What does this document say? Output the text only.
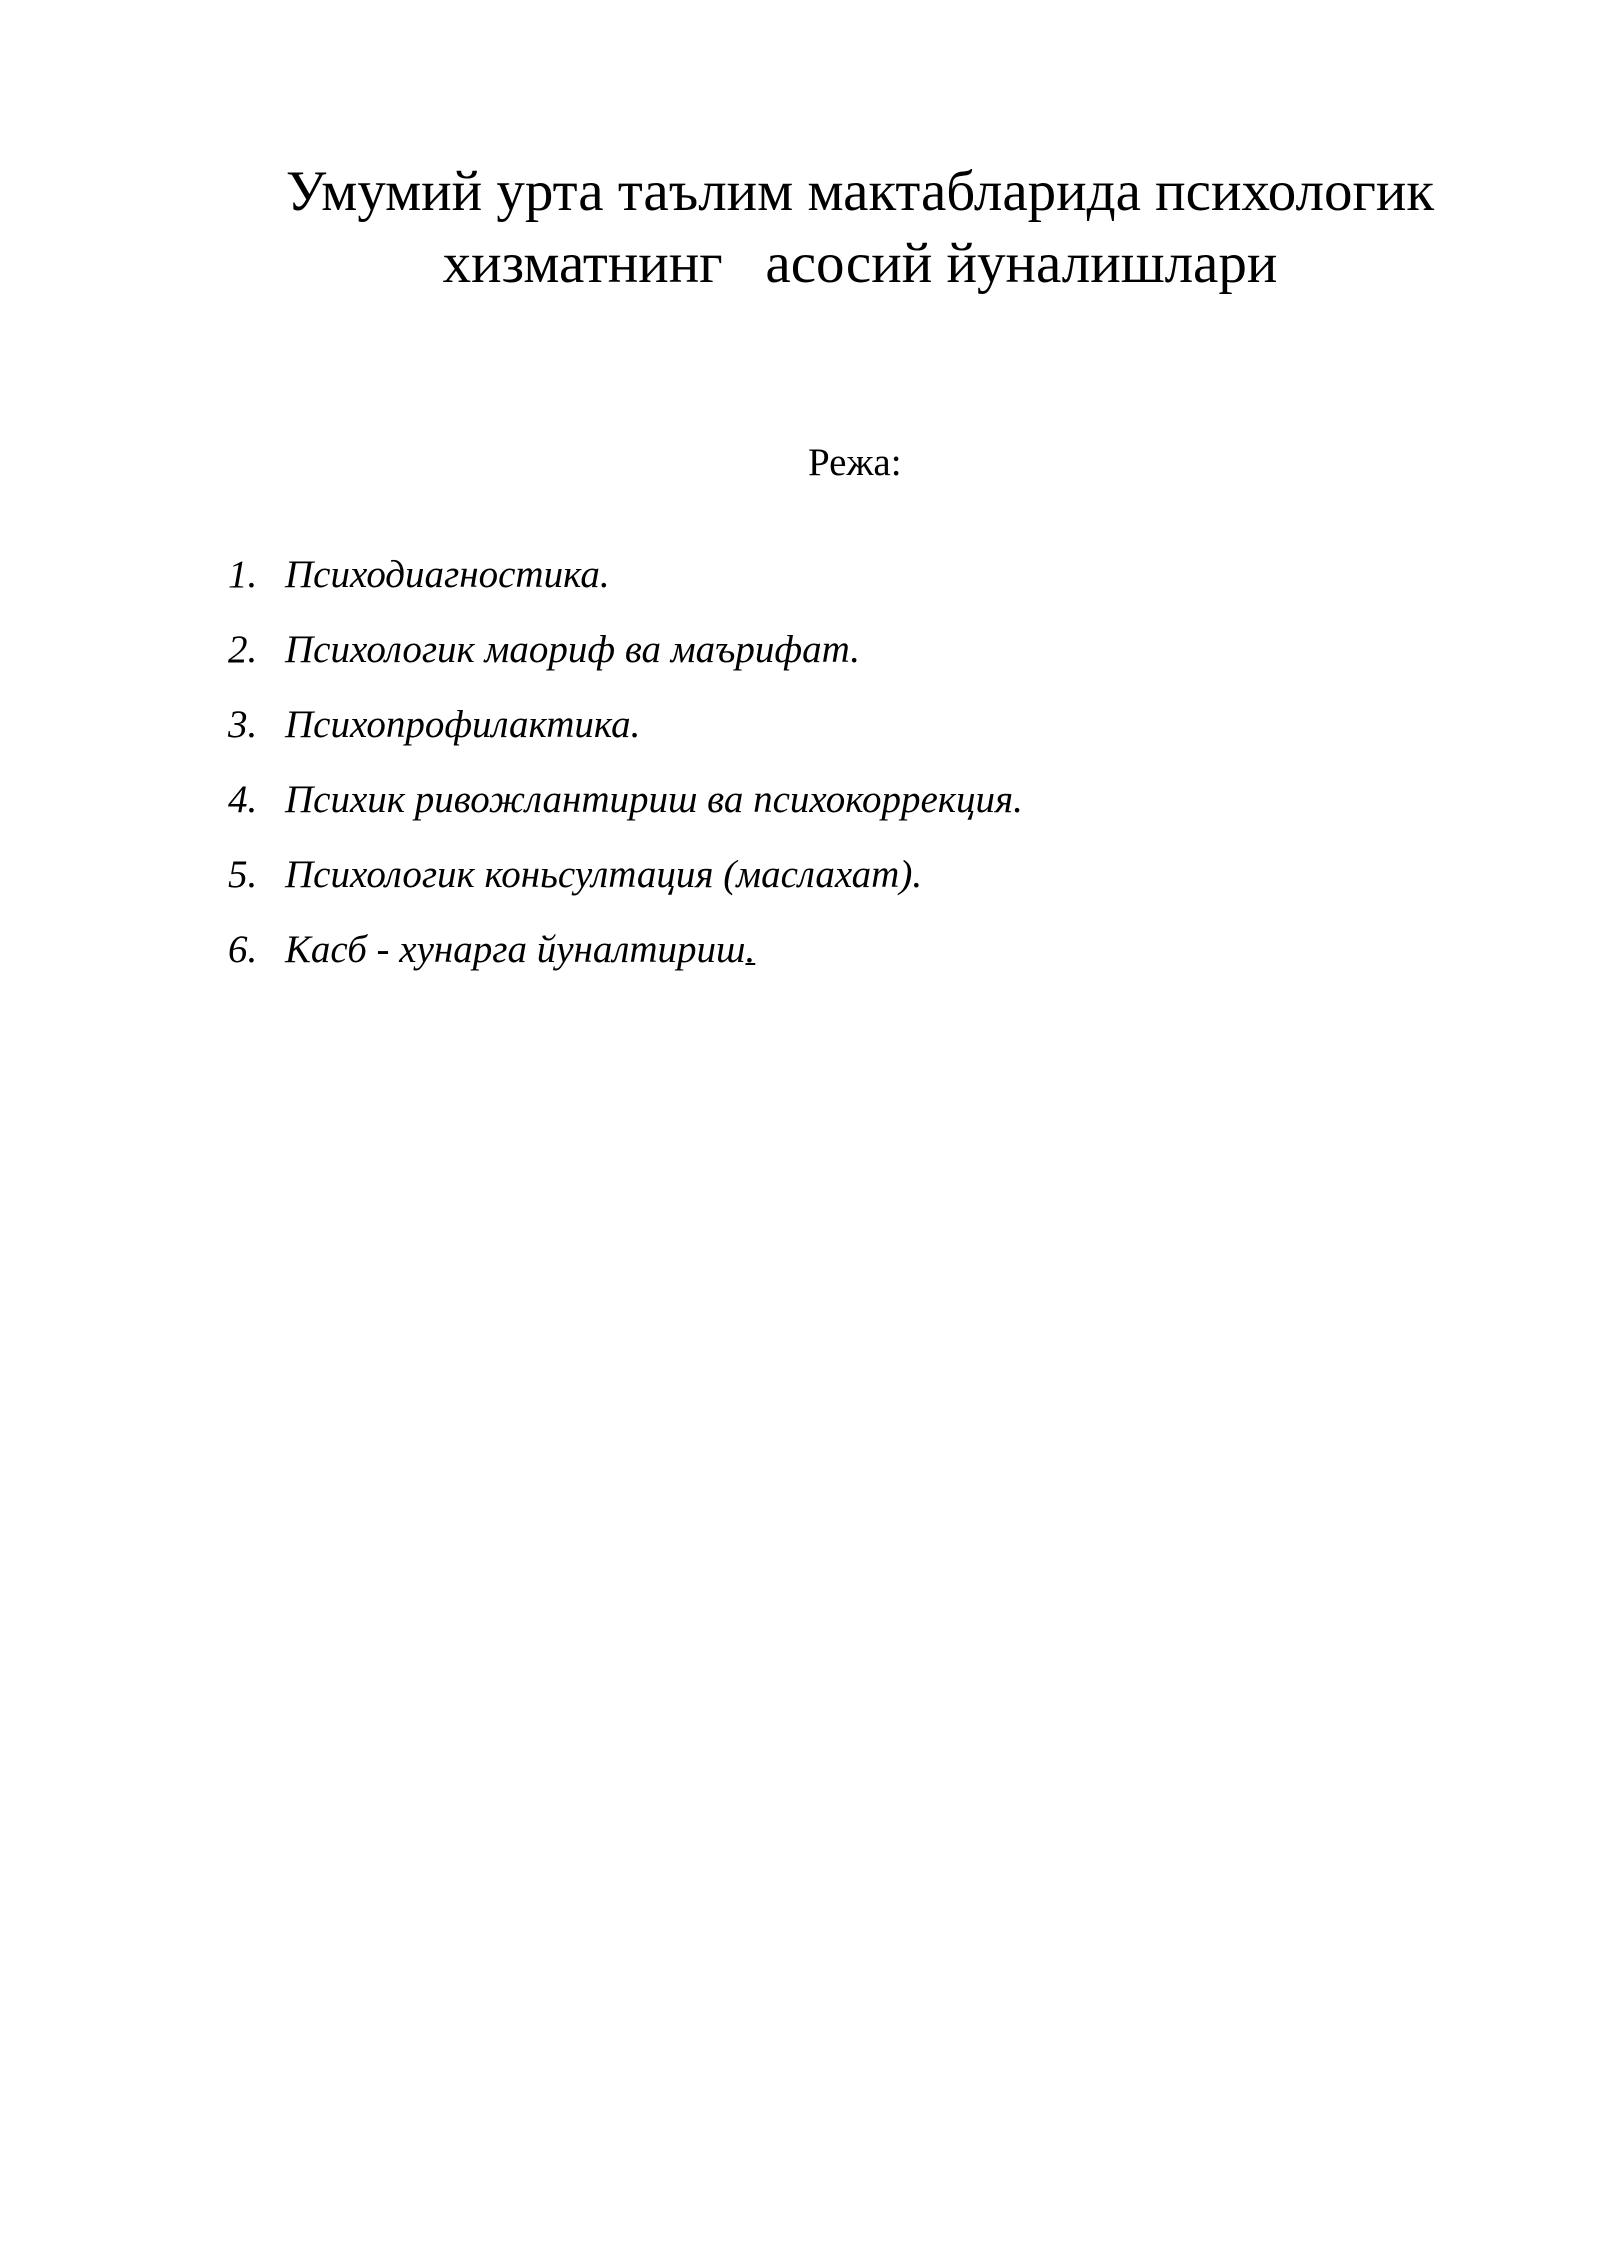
Умумий урта таълим мактабларида психологик
хизматнинг   асосий йуналишлари

Режа:

1. Психодиагностика.
2. Психологик маориф ва маърифат.
3. Психопрофилактика.
4. Психик ривожлантириш ва психокоррекция.
5. Психологик коньсултация (маслахат).
6. Касб - хунарга йуналтириш.
